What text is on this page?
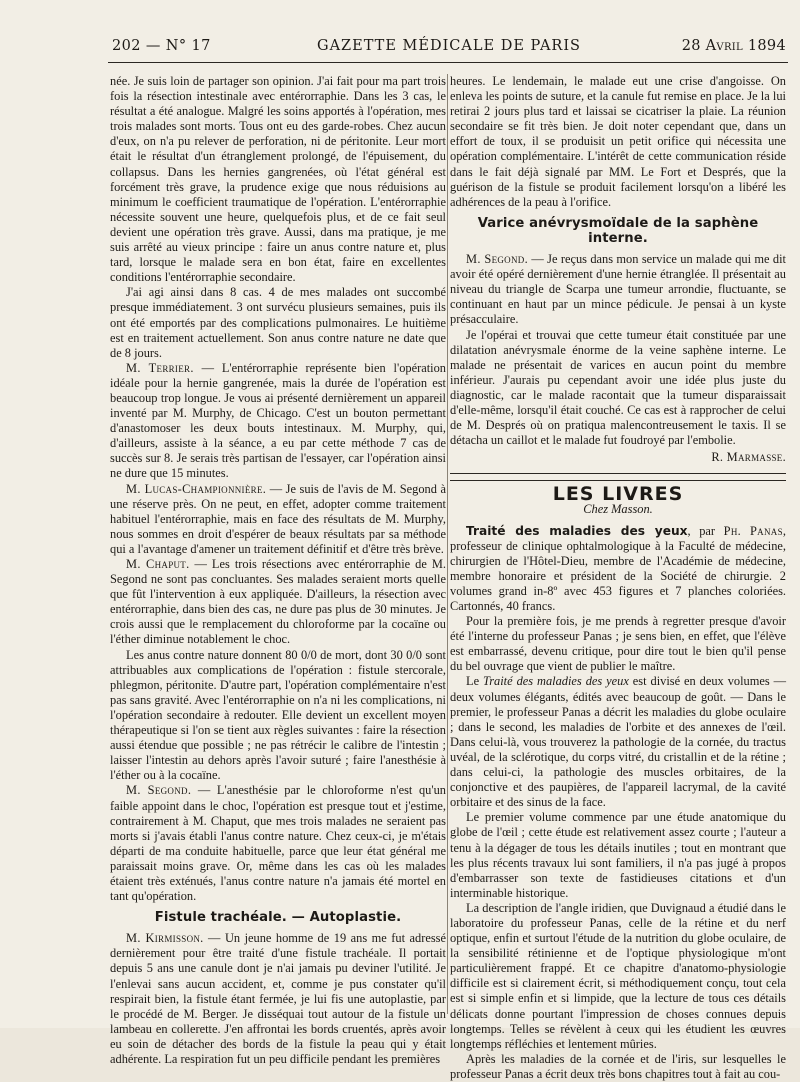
202 — N° 17	GAZETTE MÉDICALE DE PARIS	28 Avril 1894

née. Je suis loin de partager son opinion. J'ai fait pour ma part trois fois la résection intestinale avec entérorraphie. Dans les 3 cas, le résultat a été analogue. Malgré les soins apportés à l'opération, mes trois malades sont morts. Tous ont eu des garde-robes. Chez aucun d'eux, on n'a pu relever de perforation, ni de péritonite. Leur mort était le résultat d'un étranglement prolongé, de l'épuisement, du collapsus. Dans les hernies gangrenées, où l'état général est forcément très grave, la prudence exige que nous réduisions au minimum le coefficient traumatique de l'opération. L'entérorraphie nécessite souvent une heure, quelquefois plus, et de ce fait seul devient une opération très grave. Aussi, dans ma pratique, je me suis arrêté au vieux principe : faire un anus contre nature et, plus tard, lorsque le malade sera en bon état, faire en excellentes conditions l'entérorraphie secondaire.

J'ai agi ainsi dans 8 cas. 4 de mes malades ont succombé presque immédiatement. 3 ont survécu plusieurs semaines, puis ils ont été emportés par des complications pulmonaires. Le huitième est en traitement actuellement. Son anus contre nature ne date que de 8 jours.

M. Terrier. — L'entérorraphie représente bien l'opération idéale pour la hernie gangrenée, mais la durée de l'opération est beaucoup trop longue. Je vous ai présenté dernièrement un appareil inventé par M. Murphy, de Chicago. C'est un bouton permettant d'anastomoser les deux bouts intestinaux. M. Murphy, qui, d'ailleurs, assiste à la séance, a eu par cette méthode 7 cas de succès sur 8. Je serais très partisan de l'essayer, car l'opération ainsi ne dure que 15 minutes.

M. Lucas-Championnière. — Je suis de l'avis de M. Segond à une réserve près. On ne peut, en effet, adopter comme traitement habituel l'entérorraphie, mais en face des résultats de M. Murphy, nous sommes en droit d'espérer de beaux résultats par sa méthode qui a l'avantage d'amener un traitement définitif et d'être très brève.

M. Chaput. — Les trois résections avec entérorraphie de M. Segond ne sont pas concluantes. Ses malades seraient morts quelle que fût l'intervention à eux appliquée. D'ailleurs, la résection avec entérorraphie, dans bien des cas, ne dure pas plus de 30 minutes. Je crois aussi que le remplacement du chloroforme par la cocaïne ou l'éther diminue notablement le choc.

Les anus contre nature donnent 80 0/0 de mort, dont 30 0/0 sont attribuables aux complications de l'opération : fistule stercorale, phlegmon, péritonite. D'autre part, l'opération complémentaire n'est pas sans gravité. Avec l'entérorraphie on n'a ni les complications, ni l'opération secondaire à redouter. Elle devient un excellent moyen thérapeutique si l'on se tient aux règles suivantes : faire la résection aussi étendue que possible ; ne pas rétrécir le calibre de l'intestin ; laisser l'intestin au dehors après l'avoir suturé ; faire l'anesthésie à l'éther ou à la cocaïne.

M. Segond. — L'anesthésie par le chloroforme n'est qu'un faible appoint dans le choc, l'opération est presque tout et j'estime, contrairement à M. Chaput, que mes trois malades ne seraient pas morts si j'avais établi l'anus contre nature. Chez ceux-ci, je m'étais départi de ma conduite habituelle, parce que leur état général me paraissait moins grave. Or, même dans les cas où les malades étaient très exténués, l'anus contre nature n'a jamais été mortel en tant qu'opération.

Fistule trachéale. — Autoplastie.

M. Kirmisson. — Un jeune homme de 19 ans me fut adressé dernièrement pour être traité d'une fistule trachéale. Il portait depuis 5 ans une canule dont je n'ai jamais pu deviner l'utilité. Je l'enlevai sans aucun accident, et, comme je pus constater qu'il respirait bien, la fistule étant fermée, je lui fis une autoplastie, par le procédé de M. Berger. Je disséquai tout autour de la fistule un lambeau en collerette. J'en affrontai les bords cruentés, après avoir eu soin de détacher des bords de la fistule la peau qui y était adhérente. La respiration fut un peu difficile pendant les premières

heures. Le lendemain, le malade eut une crise d'angoisse. On enleva les points de suture, et la canule fut remise en place. Je la lui retirai 2 jours plus tard et laissai se cicatriser la plaie. La réunion secondaire se fit très bien. Je doit noter cependant que, dans un effort de toux, il se produisit un petit orifice qui nécessita une opération complémentaire. L'intérêt de cette communication réside dans le fait déjà signalé par MM. Le Fort et Després, que la guérison de la fistule se produit facilement lorsqu'on a libéré les adhérences de la peau à l'orifice.

Varice anévrysmoïdale de la saphène interne.

M. Segond. — Je reçus dans mon service un malade qui me dit avoir été opéré dernièrement d'une hernie étranglée. Il présentait au niveau du triangle de Scarpa une tumeur arrondie, fluctuante, se continuant en haut par un mince pédicule. Je pensai à un kyste présacculaire.

Je l'opérai et trouvai que cette tumeur était constituée par une dilatation anévrysmale énorme de la veine saphène interne. Le malade ne présentait de varices en aucun point du membre inférieur. J'aurais pu cependant avoir une idée plus juste du diagnostic, car le malade racontait que la tumeur disparaissait d'elle-même, lorsqu'il était couché. Ce cas est à rapprocher de celui de M. Després où on pratiqua malencontreusement le taxis. Il se détacha un caillot et le malade fut foudroyé par l'embolie.

R. Marmasse.

LES LIVRES
Chez Masson.

Traité des maladies des yeux, par Ph. Panas, professeur de clinique ophtalmologique à la Faculté de médecine, chirurgien de l'Hôtel-Dieu, membre de l'Académie de médecine, membre honoraire et président de la Société de chirurgie. 2 volumes grand in-8º avec 453 figures et 7 planches coloriées. Cartonnés, 40 francs.

Pour la première fois, je me prends à regretter presque d'avoir été l'interne du professeur Panas ; je sens bien, en effet, que l'élève est embarrassé, devenu critique, pour dire tout le bien qu'il pense du bel ouvrage que vient de publier le maître.

Le Traité des maladies des yeux est divisé en deux volumes — deux volumes élégants, édités avec beaucoup de goût. — Dans le premier, le professeur Panas a décrit les maladies du globe oculaire ; dans le second, les maladies de l'orbite et des annexes de l'œil. Dans celui-là, vous trouverez la pathologie de la cornée, du tractus uvéal, de la sclérotique, du corps vitré, du cristallin et de la rétine ; dans celui-ci, la pathologie des muscles orbitaires, de la conjonctive et des paupières, de l'appareil lacrymal, de la cavité orbitaire et des sinus de la face.

Le premier volume commence par une étude anatomique du globe de l'œil ; cette étude est relativement assez courte ; l'auteur a tenu à la dégager de tous les détails inutiles ; tout en montrant que les plus récents travaux lui sont familiers, il n'a pas jugé à propos d'embarrasser son texte de fastidieuses citations et d'un interminable historique.

La description de l'angle iridien, que Duvignaud a étudié dans le laboratoire du professeur Panas, celle de la rétine et du nerf optique, enfin et surtout l'étude de la nutrition du globe oculaire, de la sensibilité rétinienne et de l'optique physiologique m'ont particulièrement frappé. Et ce chapitre d'anatomo-physiologie difficile est si clairement écrit, si méthodiquement conçu, tout cela est si simple enfin et si limpide, que la lecture de tous ces détails délicats donne pourtant l'impression de choses connues depuis longtemps. Telles se révèlent à ceux qui les étudient les œuvres longtemps réfléchies et lentement mûries.

Après les maladies de la cornée et de l'iris, sur lesquelles le professeur Panas a écrit deux très bons chapitres tout à fait au cou-
